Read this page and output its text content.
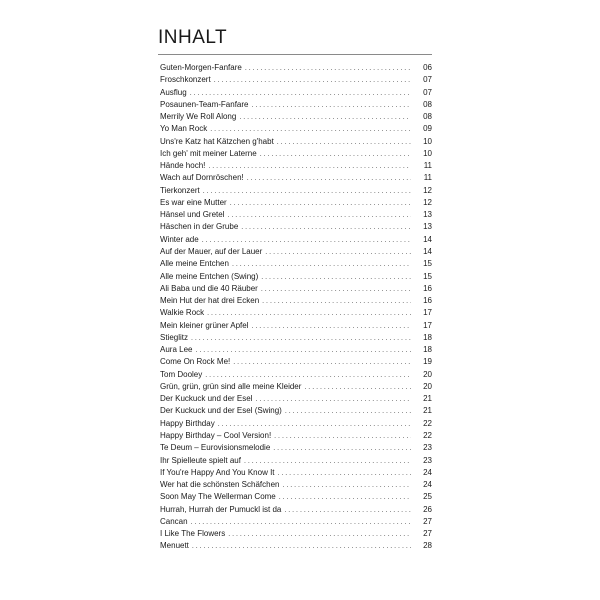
INHALT
Guten-Morgen-Fanfare . . .	06
Froschkonzert . . .	07
Ausflug . . .	07
Posaunen-Team-Fanfare . . .	08
Merrily We Roll Along . . .	08
Yo Man Rock . . .	09
Uns're Katz hat Kätzchen g'habt . . .	10
Ich geh' mit meiner Laterne . . .	10
Hände hoch! . . .	11
Wach auf Dornröschen! . . .	11
Tierkonzert . . .	12
Es war eine Mutter . . .	12
Hänsel und Gretel . . .	13
Häschen in der Grube . . .	13
Winter ade . . .	14
Auf der Mauer, auf der Lauer . . .	14
Alle meine Entchen . . .	15
Alle meine Entchen (Swing) . . .	15
Ali Baba und die 40 Räuber . . .	16
Mein Hut der hat drei Ecken . . .	16
Walkie Rock . . .	17
Mein kleiner grüner Apfel . . .	17
Stieglitz . . .	18
Aura Lee . . .	18
Come On Rock Me! . . .	19
Tom Dooley . . .	20
Grün, grün, grün sind alle meine Kleider . . .	20
Der Kuckuck und der Esel . . .	21
Der Kuckuck und der Esel (Swing) . . .	21
Happy Birthday . . .	22
Happy Birthday – Cool Version! . . .	22
Te Deum – Eurovisionsmelodie . . .	23
Ihr Spielleute spielt auf . . .	23
If You're Happy And You Know It . . .	24
Wer hat die schönsten Schäfchen . . .	24
Soon May The Wellerman Come . . .	25
Hurrah, Hurrah der Pumuckl ist da . . .	26
Cancan . . .	27
I Like The Flowers . . .	27
Menuett . . .	28
